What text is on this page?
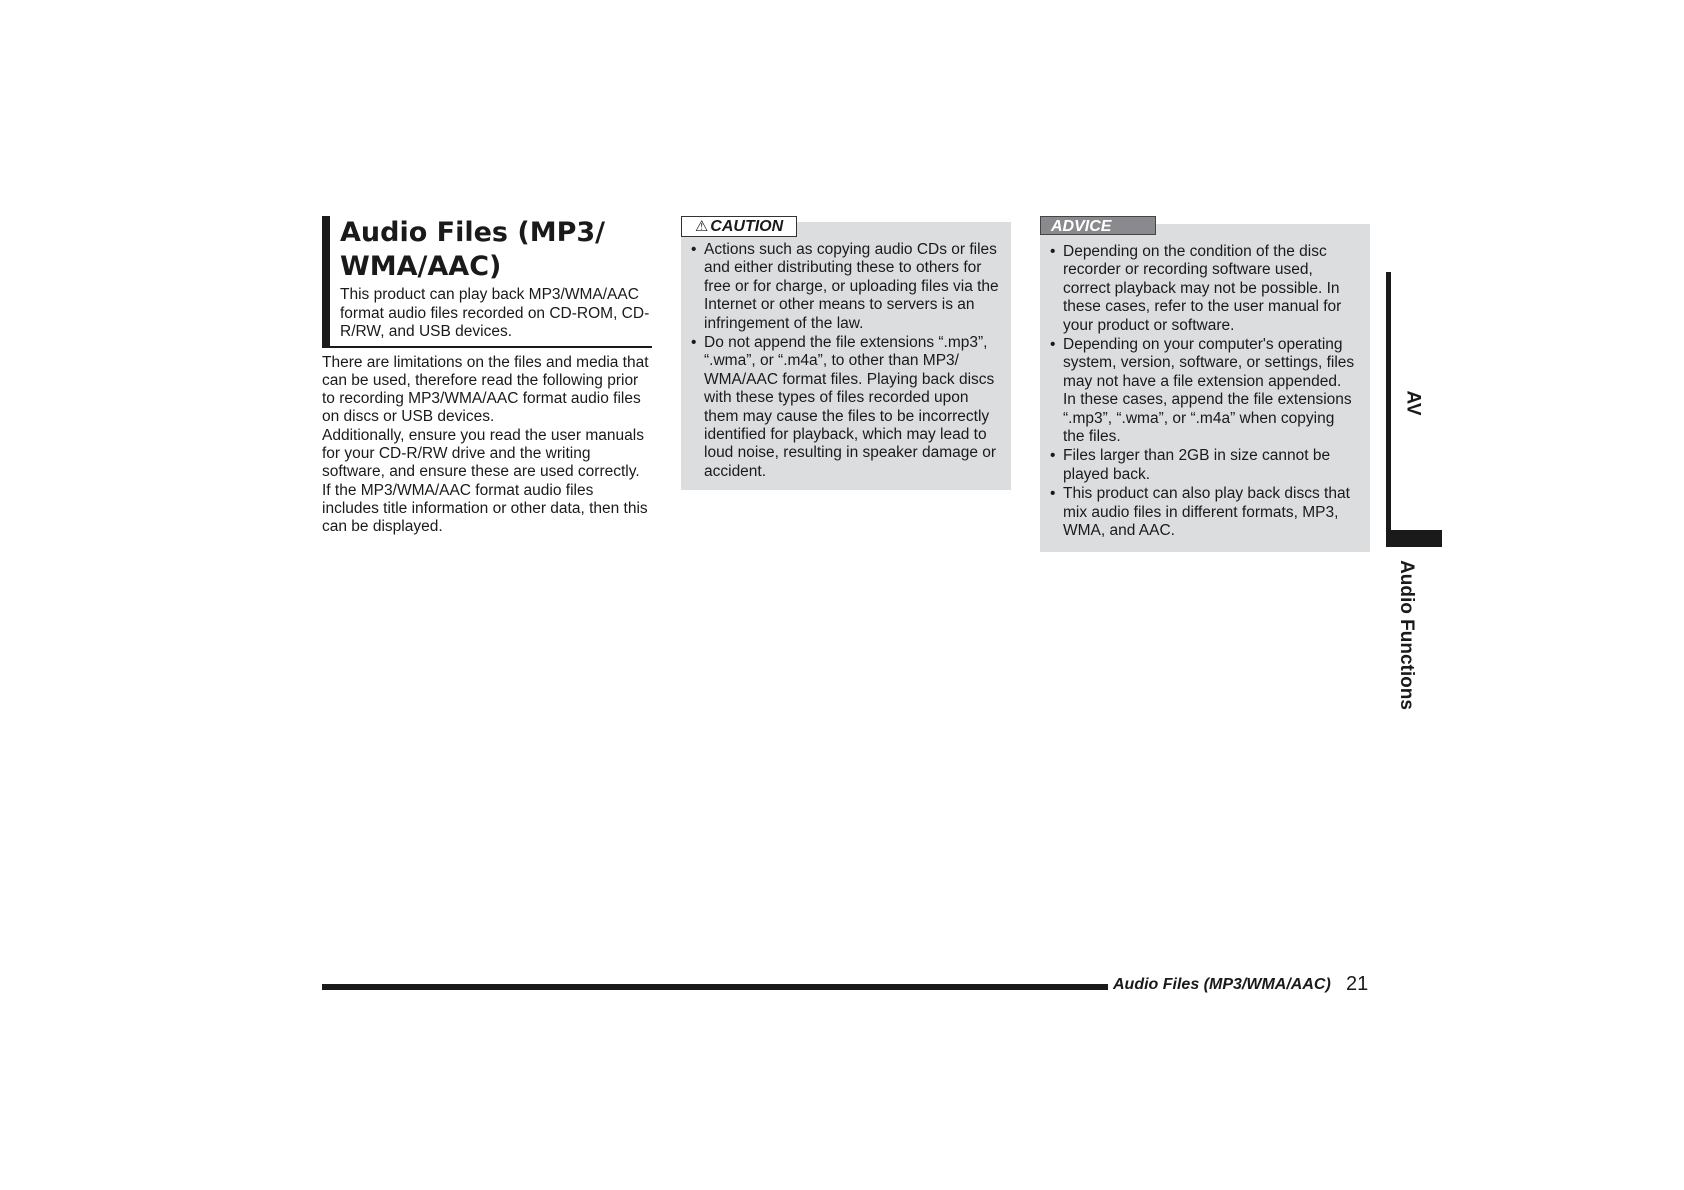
Audio Files (MP3/
WMA/AAC)

This product can play back MP3/WMA/AAC format audio files recorded on CD-ROM, CD-R/RW, and USB devices.

There are limitations on the files and media that can be used, therefore read the following prior to recording MP3/WMA/AAC format audio files on discs or USB devices.

Additionally, ensure you read the user manuals for your CD-R/RW drive and the writing software, and ensure these are used correctly.

If the MP3/WMA/AAC format audio files includes title information or other data, then this can be displayed.

• Actions such as copying audio CDs or files and either distributing these to others for free or for charge, or uploading files via the Internet or other means to servers is an infringement of the law.
• Do not append the file extensions “.mp3”, “.wma”, or “.m4a”, to other than MP3/ WMA/AAC format files. Playing back discs with these types of files recorded upon them may cause the files to be incorrectly identified for playback, which may lead to loud noise, resulting in speaker damage or accident.
⚠ CAUTION
• Depending on the condition of the disc recorder or recording software used, correct playback may not be possible. In these cases, refer to the user manual for your product or software.
• Depending on your computer's operating system, version, software, or settings, files may not have a file extension appended. In these cases, append the file extensions “.mp3”, “.wma”, or “.m4a” when copying the files.
• Files larger than 2GB in size cannot be played back.
• This product can also play back discs that mix audio files in different formats, MP3, WMA, and AAC.
ADVICE
AV
Audio Functions
Audio Files (MP3/WMA/AAC) 21
